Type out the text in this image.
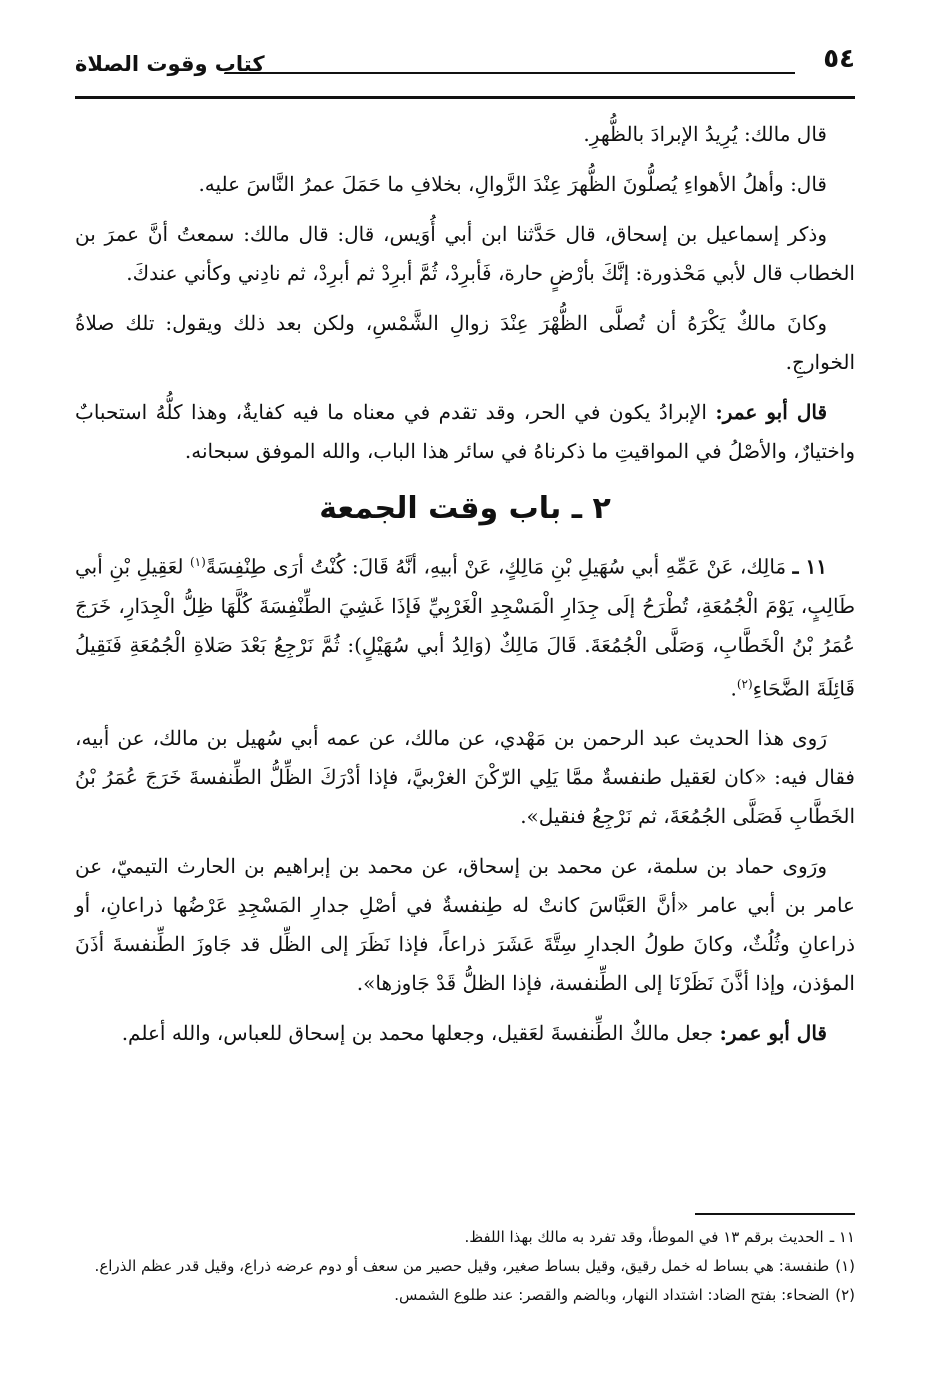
٥٤
كتاب وقوت الصلاة

قال مالك: يُرِيدُ الإبرادَ بالظُّهرِ.

قال: وأهلُ الأهواءِ يُصلُّونَ الظُّهرَ عِنْدَ الزَّوالِ، بخلافِ ما حَمَلَ عمرُ النَّاسَ عليه.

وذكر إسماعيل بن إسحاق، قال حَدَّثنا ابن أبي أُوَيس، قال: قال مالك: سمعتُ أنَّ عمرَ بن الخطاب قال لأبي مَحْذورة: إنَّكَ بأرْضٍ حارة، فَأبرِدْ، ثُمَّ أبرِدْ ثم أبرِدْ، ثم نادِني وكأني عندكَ.

وكانَ مالكٌ يَكْرَهُ أن تُصلَّى الظُّهْرَ عِنْدَ زوالِ الشَّمْسِ، ولكن بعد ذلك ويقول: تلك صلاةُ الخوارجِ.

قال أبو عمر: الإبرادُ يكون في الحر، وقد تقدم في معناه ما فيه كفايةٌ، وهذا كلُّهُ استحبابٌ واختيارٌ، والأصْلُ في المواقيتِ ما ذكرناهُ في سائر هذا الباب، والله الموفق سبحانه.

٢ ـ باب وقت الجمعة

١١ ـ مَالِك، عَنْ عَمِّهِ أبي سُهَيلِ بْنِ مَالِكٍ، عَنْ أبيهِ، أنَّهُ قَالَ: كُنْتُ أرَى طِنْفِسَةً$^{(١)}$ لعَقِيلِ بْنِ أبي طَالِبٍ، يَوْمَ الْجُمُعَةِ، تُطْرَحُ إلَى جِدَارِ الْمَسْجِدِ الْغَرْبِيِّ فَإذَا غَشِيَ الطِّنْفِسَةَ كُلَّهَا ظِلُّ الْجِدَارِ، خَرَجَ عُمَرُ بْنُ الْخَطَّابِ، وَصَلَّى الْجُمُعَةَ. قَالَ مَالِكٌ (وَالِدُ أبي سُهَيْلٍ): ثُمَّ نَرْجِعُ بَعْدَ صَلاةِ الْجُمُعَةِ فَنَقِيلُ قَائِلَةَ الضَّحَاءِ$^{(٢)}$.

رَوى هذا الحديث عبد الرحمن بن مَهْدي، عن مالك، عن عمه أبي سُهيل بن مالك، عن أبيه، فقال فيه: «كان لعَقيل طنفسةٌ ممَّا يَلِي الرّكْنَ الغرْبيَّ، فإذا أدْرَكَ الظِّلُّ الطِّنفسةَ خَرَجَ عُمَرُ بْنُ الخَطَّابِ فَصَلَّى الجُمُعَةَ، ثم نَرْجِعُ فنقيل».

ورَوى حماد بن سلمة، عن محمد بن إسحاق، عن محمد بن إبراهيم بن الحارث التيميّ، عن عامر بن أبي عامر «أنَّ العَبَّاسَ كانتْ له طِنفسةٌ في أصْلِ جدارِ المَسْجِدِ عَرْضُها ذراعانِ، أو ذراعانِ وثُلُثٌ، وكانَ طولُ الجدارِ سِتَّةَ عَشَرَ ذراعاً، فإذا نَظَرَ إلى الظِّل قد جَاوزَ الطِّنفسةَ أذَنَ المؤذن، وإذا أذَّنَ نَظَرْنَا إلى الطِّنفسة، فإذا الظلُّ قَدْ جَاوزها».

قال أبو عمر: جعل مالكٌ الطِّنفسةَ لعَقيل، وجعلها محمد بن إسحاق للعباس، والله أعلم.

١١ ـالحديث برقم ١٣ في الموطأ، وقد تفرد به مالك بهذا اللفظ.

(١)طنفسة: هي بساط له خمل رقيق، وقيل بساط صغير، وقيل حصير من سعف أو دوم عرضه ذراع، وقيل قدر عظم الذراع.

(٢)الضحاء: بفتح الضاد: اشتداد النهار، وبالضم والقصر: عند طلوع الشمس.
